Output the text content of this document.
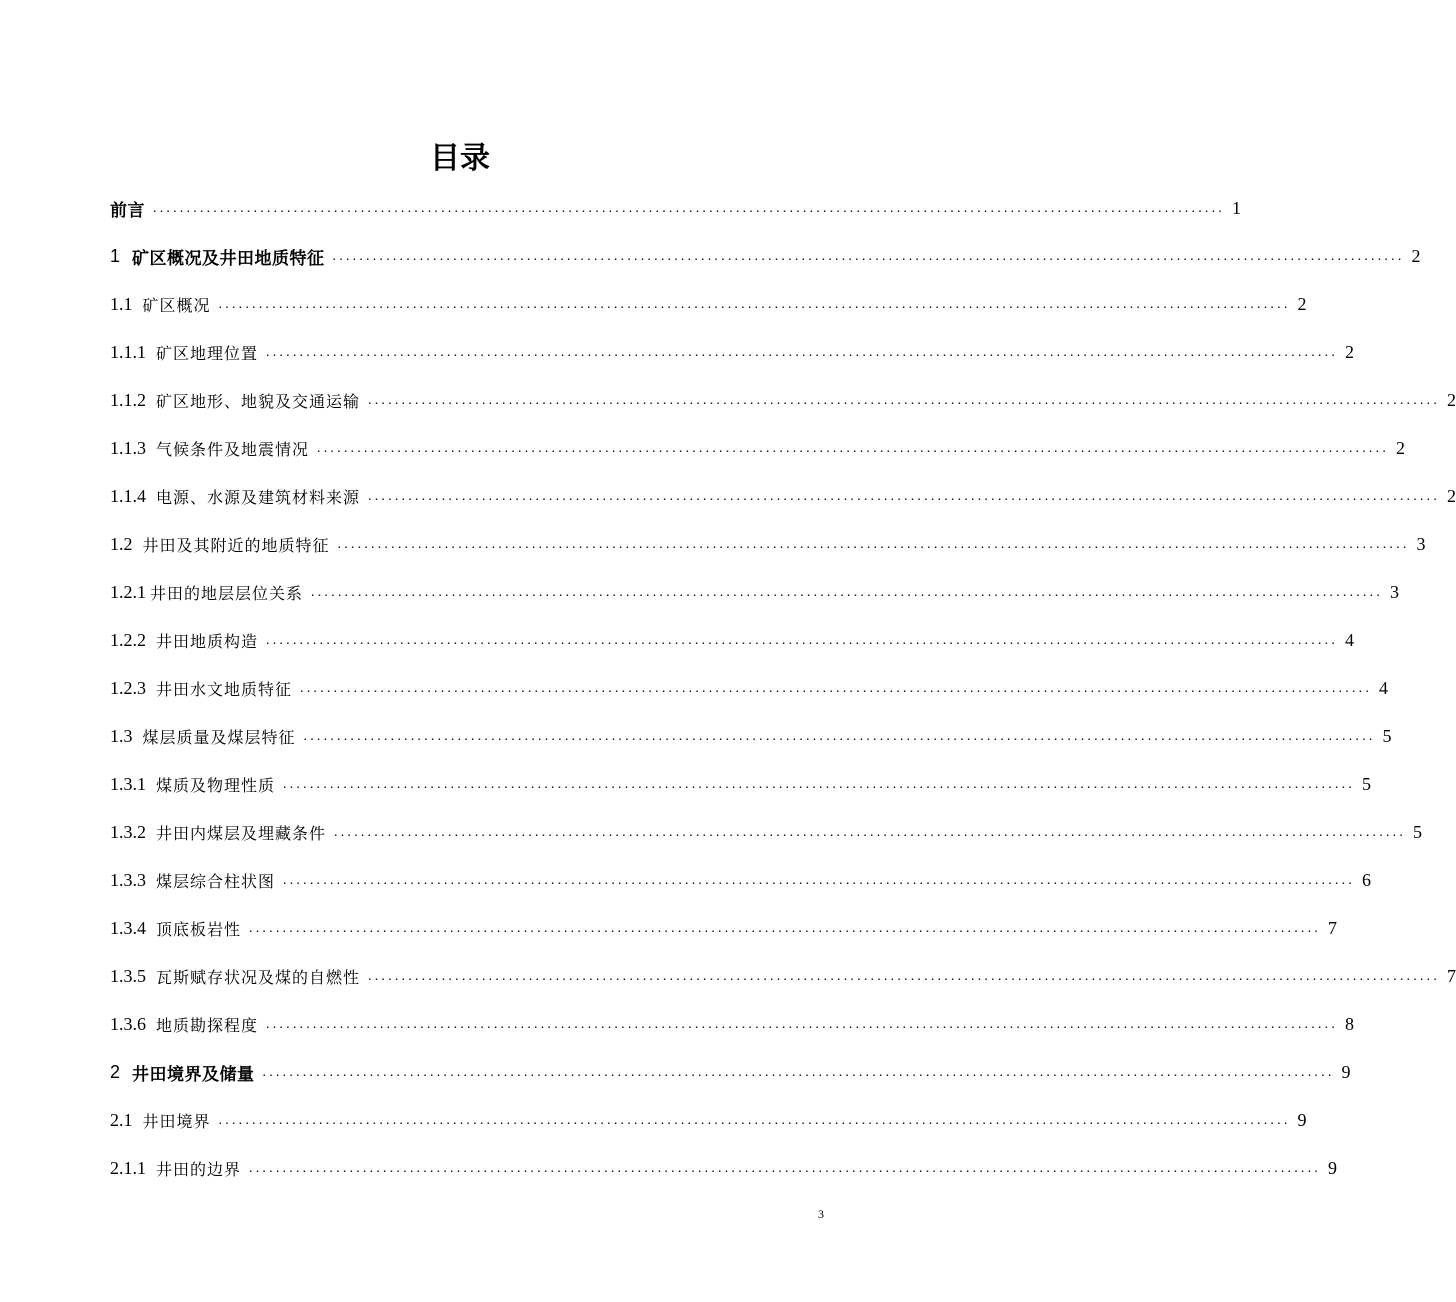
目录
前言 ................................................................................................................................................................ 1
1 矿区概况及井田地质特征 ................................................................................................................................................................ 2
1.1 矿区概况 ................................................................................................................................................................ 2
1.1.1 矿区地理位置 ................................................................................................................................................................ 2
1.1.2 矿区地形、地貌及交通运输 ................................................................................................................................................................ 2
1.1.3 气候条件及地震情况 ................................................................................................................................................................ 2
1.1.4 电源、水源及建筑材料来源 ................................................................................................................................................................ 2
1.2 井田及其附近的地质特征 ................................................................................................................................................................ 3
1.2.1 井田的地层层位关系 ................................................................................................................................................................ 3
1.2.2 井田地质构造 ................................................................................................................................................................ 4
1.2.3 井田水文地质特征 ................................................................................................................................................................ 4
1.3 煤层质量及煤层特征 ................................................................................................................................................................ 5
1.3.1 煤质及物理性质 ................................................................................................................................................................ 5
1.3.2 井田内煤层及埋藏条件 ................................................................................................................................................................ 5
1.3.3 煤层综合柱状图 ................................................................................................................................................................ 6
1.3.4 顶底板岩性 ................................................................................................................................................................ 7
1.3.5 瓦斯赋存状况及煤的自燃性 ................................................................................................................................................................ 7
1.3.6 地质勘探程度 ................................................................................................................................................................ 8
2 井田境界及储量 ................................................................................................................................................................ 9
2.1 井田境界 ................................................................................................................................................................ 9
2.1.1 井田的边界 ................................................................................................................................................................ 9
3
